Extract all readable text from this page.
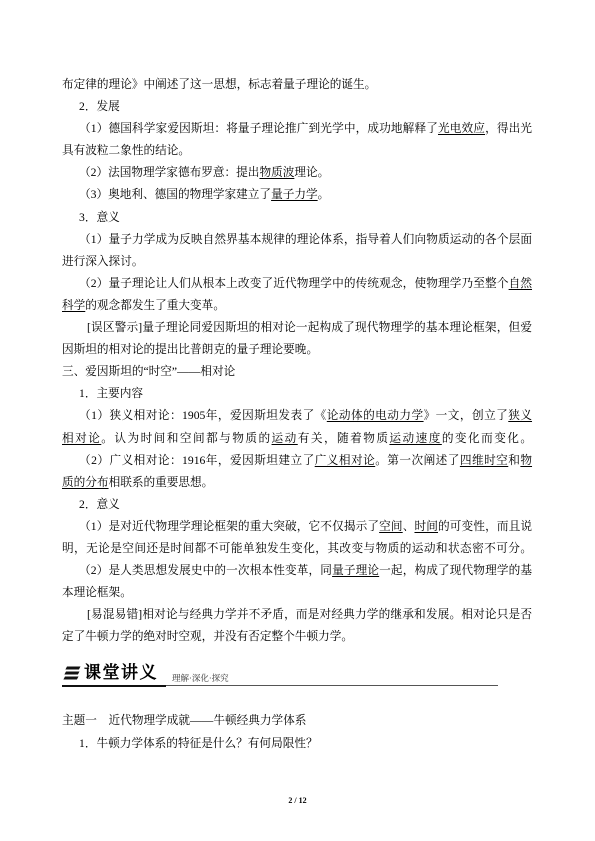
布定律的理论》中阐述了这一思想，标志着量子理论的诞生。
2．发展
（1）德国科学家爱因斯坦：将量子理论推广到光学中，成功地解释了光电效应，得出光
具有波粒二象性的结论。
（2）法国物理学家德布罗意：提出物质波理论。
（3）奥地利、德国的物理学家建立了量子力学。
3．意义
（1）量子力学成为反映自然界基本规律的理论体系，指导着人们向物质运动的各个层面
进行深入探讨。
（2）量子理论让人们从根本上改变了近代物理学中的传统观念，使物理学乃至整个自然
科学的观念都发生了重大变革。
[误区警示]量子理论同爱因斯坦的相对论一起构成了现代物理学的基本理论框架，但爱
因斯坦的相对论的提出比普朗克的量子理论要晚。
三、爱因斯坦的“时空”——相对论
1．主要内容
（1）狭义相对论：1905年，爱因斯坦发表了《论动体的电动力学》一文，创立了狭义
相对论。认为时间和空间都与物质的运动有关，随着物质运动速度的变化而变化。
（2）广义相对论：1916年，爱因斯坦建立了广义相对论。第一次阐述了四维时空和物
质的分布相联系的重要思想。
2．意义
（1）是对近代物理学理论框架的重大突破，它不仅揭示了空间、时间的可变性，而且说
明，无论是空间还是时间都不可能单独发生变化，其改变与物质的运动和状态密不可分。
（2）是人类思想发展史中的一次根本性变革，同量子理论一起，构成了现代物理学的基
本理论框架。
[易混易错]相对论与经典力学并不矛盾，而是对经典力学的继承和发展。相对论只是否
定了牛顿力学的绝对时空观，并没有否定整个牛顿力学。
课堂讲义 理解·深化·探究
主题一　近代物理学成就——牛顿经典力学体系
1．牛顿力学体系的特征是什么？有何局限性？
2 / 12
